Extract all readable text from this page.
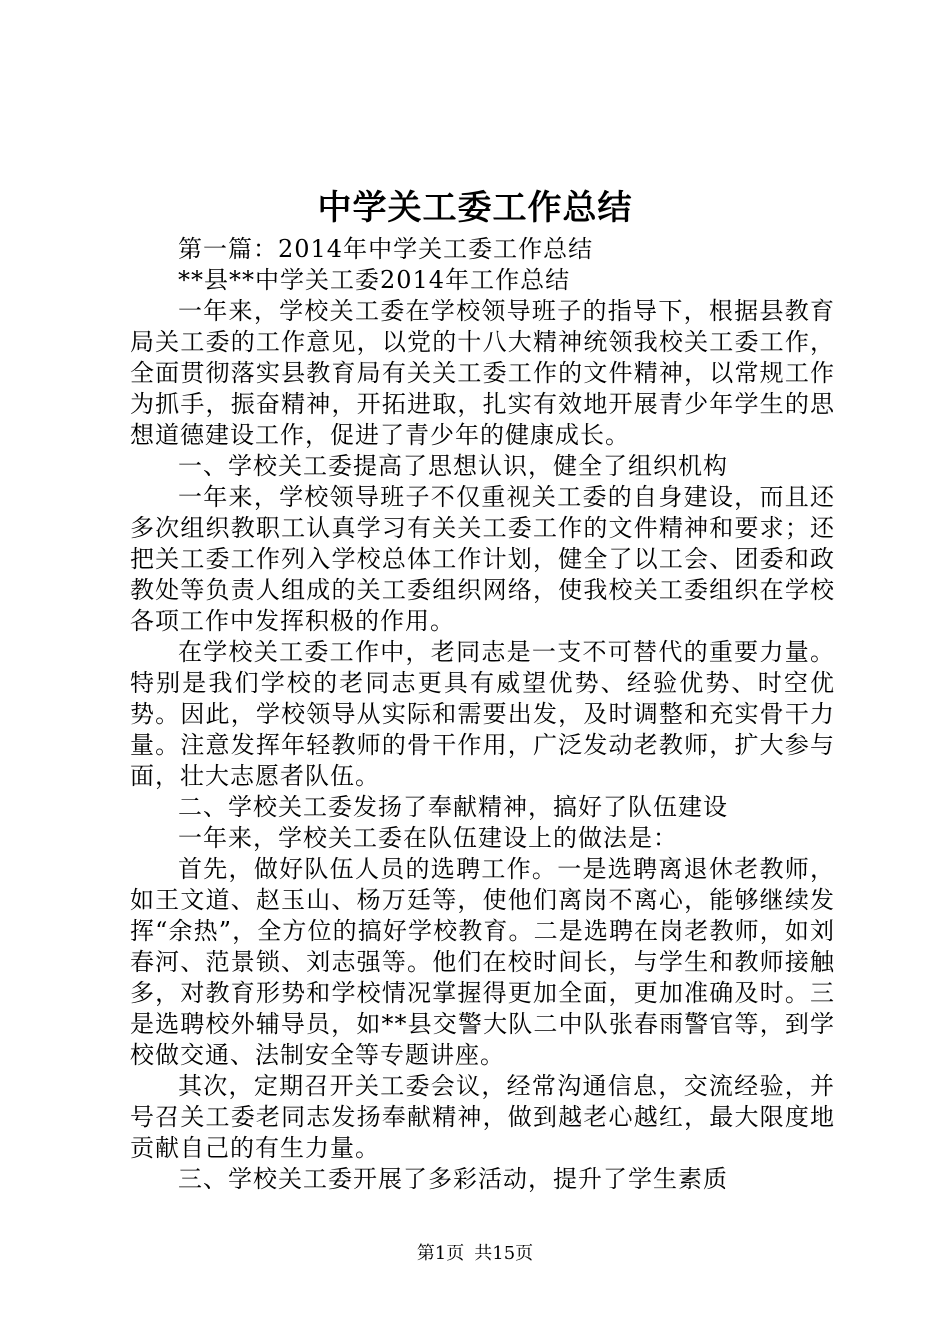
中学关工委工作总结

第一篇：2014年中学关工委工作总结

**县**中学关工委2014年工作总结

一年来，学校关工委在学校领导班子的指导下，根据县教育局关工委的工作意见，以党的十八大精神统领我校关工委工作，全面贯彻落实县教育局有关关工委工作的文件精神，以常规工作为抓手，振奋精神，开拓进取，扎实有效地开展青少年学生的思想道德建设工作，促进了青少年的健康成长。

一、学校关工委提高了思想认识，健全了组织机构

一年来，学校领导班子不仅重视关工委的自身建设，而且还多次组织教职工认真学习有关关工委工作的文件精神和要求；还把关工委工作列入学校总体工作计划，健全了以工会、团委和政教处等负责人组成的关工委组织网络，使我校关工委组织在学校各项工作中发挥积极的作用。

在学校关工委工作中，老同志是一支不可替代的重要力量。特别是我们学校的老同志更具有威望优势、经验优势、时空优势。因此，学校领导从实际和需要出发，及时调整和充实骨干力量。注意发挥年轻教师的骨干作用，广泛发动老教师，扩大参与面，壮大志愿者队伍。

二、学校关工委发扬了奉献精神，搞好了队伍建设

一年来，学校关工委在队伍建设上的做法是：

首先，做好队伍人员的选聘工作。一是选聘离退休老教师，如王文道、赵玉山、杨万廷等，使他们离岗不离心，能够继续发挥“余热”，全方位的搞好学校教育。二是选聘在岗老教师，如刘春河、范景锁、刘志强等。他们在校时间长，与学生和教师接触多，对教育形势和学校情况掌握得更加全面，更加准确及时。三是选聘校外辅导员，如**县交警大队二中队张春雨警官等，到学校做交通、法制安全等专题讲座。

其次，定期召开关工委会议，经常沟通信息，交流经验，并号召关工委老同志发扬奉献精神，做到越老心越红，最大限度地贡献自己的有生力量。

三、学校关工委开展了多彩活动，提升了学生素质

第1页 共15页
